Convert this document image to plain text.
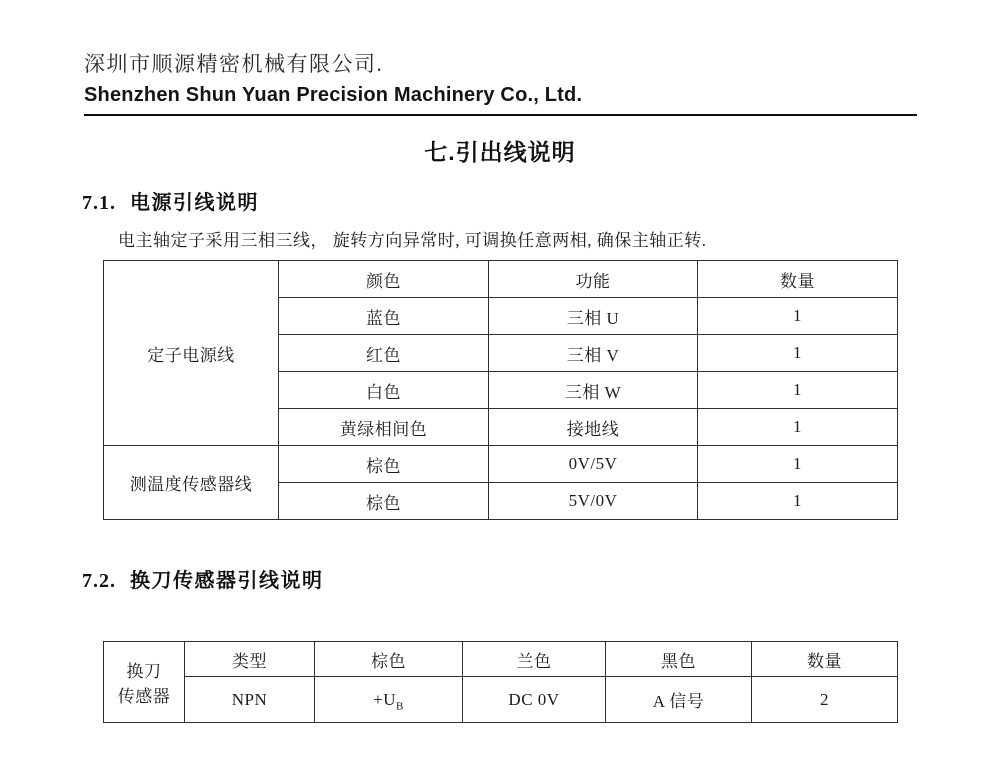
深圳市顺源精密机械有限公司.
Shenzhen Shun Yuan Precision Machinery Co., Ltd.
七.引出线说明
7.1. 电源引线说明
电主轴定子采用三相三线， 旋转方向异常时, 可调换任意两相, 确保主轴正转.
定子电源线	颜色	功能	数量
	蓝色	三相 U	1
	红色	三相 V	1
	白色	三相 W	1
	黄绿相间色	接地线	1
测温度传感器线	棕色	0V/5V	1
	棕色	5V/0V	1
7.2. 换刀传感器引线说明
换刀
传感器	类型	棕色	兰色	黑色	数量
	NPN	$+U_B$	DC 0V	A 信号	2
